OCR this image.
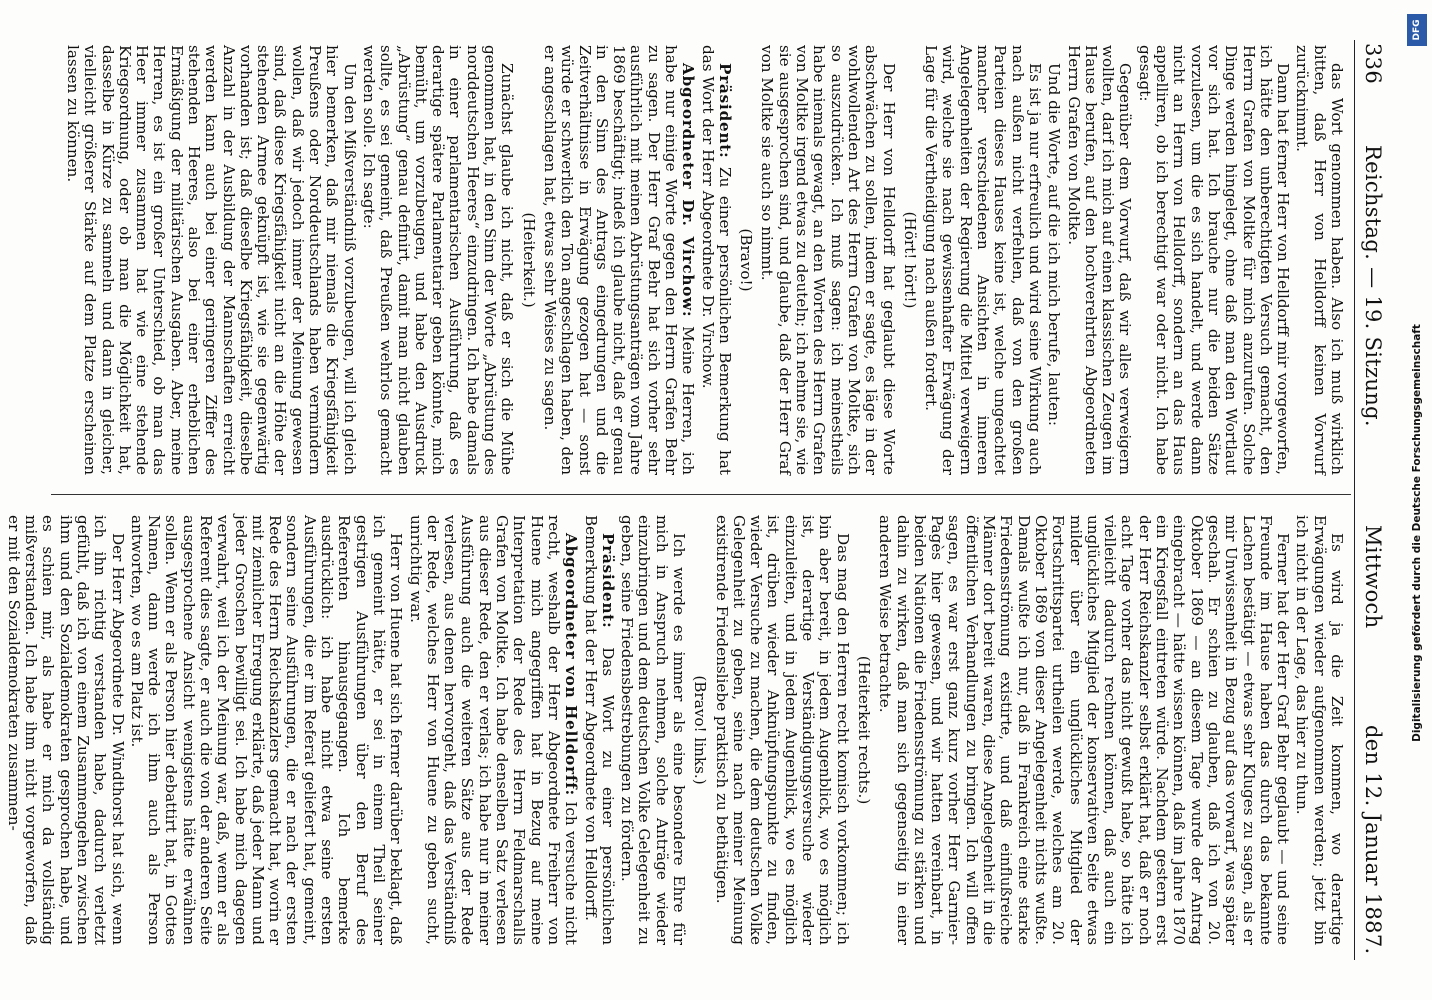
336
Reichstag. — 19. Sitzung.
Mittwoch
den 12. Januar 1887.

das Wort genommen haben. Also ich muß wirklich bitten, daß Herr von Helldorff keinen Vorwurf zurücknimmt.

Dann hat ferner Herr von Helldorff mir vorgeworfen, ich hätte den unberechtigten Versuch gemacht, den Herrn Grafen von Moltke für mich anzurufen. Solche Dinge werden hingelegt, ohne daß man den Wortlaut vor sich hat. Ich brauche nur die beiden Sätze vorzulesen, um die es sich handelt, und werde dann nicht an Herrn von Helldorff, sondern an das Haus appelliren, ob ich berechtigt war oder nicht. Ich habe gesagt:

Gegenüber dem Vorwurf, daß wir alles verweigern wollten, darf ich mich auf einen klassischen Zeugen im Hause berufen, auf den hochverehrten Abgeordneten Herrn Grafen von Moltke.

Und die Worte, auf die ich mich berufe, lauten:

Es ist ja nur erfreulich und wird seine Wirkung auch nach außen nicht verfehlen, daß von den großen Parteien dieses Hauses keine ist, welche ungeachtet mancher verschiedenen Ansichten in inneren Angelegenheiten der Regierung die Mittel verweigern wird, welche sie nach gewissenhafter Erwägung der Lage für die Vertheidigung nach außen fordert.

(Hört! hört!)

Der Herr von Helldorff hat geglaubt diese Worte abschwächen zu sollen, indem er sagte, es läge in der wohlwollenden Art des Herrn Grafen von Moltke, sich so auszudrücken. Ich muß sagen: ich meinestheils habe niemals gewagt, an den Worten des Herrn Grafen von Moltke irgend etwas zu deuteln; ich nehme sie, wie sie ausgesprochen sind, und glaube, daß der Herr Graf von Moltke sie auch so nimmt.

(Bravo!)

Präsident: Zu einer persönlichen Bemerkung hat das Wort der Herr Abgeordnete Dr. Virchow.

Abgeordneter Dr. Virchow: Meine Herren, ich habe nur einige Worte gegen den Herrn Grafen Behr zu sagen. Der Herr Graf Behr hat sich vorher sehr ausführlich mit meinen Abrüstungsanträgen vom Jahre 1869 beschäftigt; indeß ich glaube nicht, daß er genau in den Sinn des Antrags eingedrungen und die Zeitverhältnisse in Erwägung gezogen hat — sonst würde er schwerlich den Ton angeschlagen haben, den er angeschlagen hat, etwas sehr Weises zu sagen.

(Heiterkeit.)

Zunächst glaube ich nicht, daß er sich die Mühe genommen hat, in den Sinn der Worte „Abrüstung des norddeutschen Heeres“ einzudringen. Ich habe damals in einer parlamentarischen Ausführung, daß es derartige spätere Parlamentarier geben könnte, mich bemüht, um vorzubeugen, und habe den Ausdruck „Abrüstung“ genau definirt, damit man nicht glauben sollte, es sei gemeint, daß Preußen wehrlos gemacht werden solle. Ich sagte:

Um den Mißverständniß vorzubeugen, will ich gleich hier bemerken, daß mir niemals die Kriegsfähigkeit Preußens oder Norddeutschlands haben vermindern wollen, daß wir jedoch immer der Meinung gewesen sind, daß diese Kriegsfähigkeit nicht an die Höhe der stehenden Armee geknüpft ist, wie sie gegenwärtig vorhanden ist; daß dieselbe Kriegsfähigkeit, dieselbe Anzahl in der Ausbildung der Mannschaften erreicht werden kann auch bei einer geringeren Ziffer des stehenden Heeres, also bei einer erheblichen Ermäßigung der militärischen Ausgaben. Aber, meine Herren, es ist ein großer Unterschied, ob man das Heer immer zusammen hat wie eine stehende Kriegsordnung, oder ob man die Möglichkeit hat, dasselbe in Kürze zu sammeln und dann in gleicher, vielleicht größerer Stärke auf dem Platze erscheinen lassen zu können.

Es wird ja die Zeit kommen, wo derartige Erwägungen wieder aufgenommen werden; jetzt bin ich nicht in der Lage, das hier zu thun.

Ferner hat der Herr Graf Behr geglaubt — und seine Freunde im Hause haben das durch das bekannte Lachen bestätigt — etwas sehr Kluges zu sagen, als er mir Unwissenheit in Bezug auf das vorwarf, was später geschah. Er schien zu glauben, daß ich von 20. Oktober 1869 — an diesem Tage wurde der Antrag eingebracht — hätte wissen können, daß im Jahre 1870 ein Kriegsfall eintreten würde. Nachdem gestern erst der Herr Reichskanzler selbst erklärt hat, daß er noch acht Tage vorher das nicht gewußt habe, so hätte ich vielleicht dadurch rechnen können, daß auch ein unglückliches Mitglied der konservativen Seite etwas milder über ein unglückliches Mitglied der Fortschrittspartei urtheilen werde, welches am 20. Oktober 1869 von dieser Angelegenheit nichts wußte. Damals wußte ich nur, daß in Frankreich eine starke Friedensströmung existirte, und daß einflußreiche Männer dort bereit waren, diese Angelegenheit in die öffentlichen Verhandlungen zu bringen. Ich will offen sagen, es war erst ganz kurz vorher Herr Garnier-Pagès hier gewesen, und wir hatten vereinbart, in beiden Nationen die Friedensströmung zu stärken und dahin zu wirken, daß man sich gegenseitig in einer anderen Weise betrachte.

(Heiterkeit rechts.)

Das mag den Herren recht komisch vorkommen; ich bin aber bereit, in jedem Augenblick, wo es möglich ist, derartige Verständigungsversuche wieder einzuleiten, und in jedem Augenblick, wo es möglich ist, drüben wieder Anknüpfungspunkte zu finden, wieder Versuche zu machen, die dem deutschen Volke Gelegenheit zu geben, seine nach meiner Meinung existirende Friedensliebe praktisch zu bethätigen.

(Bravo! links.)

Ich werde es immer als eine besondere Ehre für mich in Anspruch nehmen, solche Anträge wieder einzubringen und dem deutschen Volke Gelegenheit zu geben, seine Friedensbestrebungen zu fördern.

Präsident: Das Wort zu einer persönlichen Bemerkung hat der Herr Abgeordnete von Helldorff.

Abgeordneter von Helldorff: Ich versuche nicht recht, weshalb der Herr Abgeordnete Freiherr von Huene mich angegriffen hat in Bezug auf meine Interpretation der Rede des Herrn Feldmarschalls Grafen von Moltke. Ich habe denselben Satz verlesen aus dieser Rede, den er verlas; ich habe nur in meiner Ausführung auch die weiteren Sätze aus der Rede verlesen, aus denen hervorgeht, daß das Verständniß der Rede, welches Herr von Huene zu geben sucht, unrichtig war.

Herr von Huene hat sich ferner darüber beklagt, daß ich gemeint hätte, er sei in einem Theil seiner gestrigen Ausführungen über den Beruf des Referenten hinausgegangen. Ich bemerke ausdrücklich: ich habe nicht etwa seine ersten Ausführungen, die er im Referat geliefert hat, gemeint, sondern seine Ausführungen, die er nach der ersten Rede des Herrn Reichskanzlers gemacht hat, worin er mit ziemlicher Erregung erklärte, daß jeder Mann und jeder Groschen bewilligt sei. Ich habe mich dagegen verwahrt, weil ich der Meinung war, daß, wenn er als Referent dies sagte, er auch die von der anderen Seite ausgesprochene Ansicht wenigstens hätte erwähnen sollen. Wenn er als Person hier debattirt hat, in Gottes Namen, dann werde ich ihm auch als Person antworten, wo es am Platz ist.

Der Herr Abgeordnete Dr. Windthorst hat sich, wenn ich ihn richtig verstanden habe, dadurch verletzt gefühlt, daß ich von einem Zusammengehen zwischen ihm und den Sozialdemokraten gesprochen habe, und es schien mir, als habe er mich da vollständig mißverstanden. Ich habe ihm nicht vorgeworfen, daß er mit den Sozialdemokraten zusammen-

DFG
Digitalisierung gefördert durch die Deutsche Forschungsgemeinschaft
